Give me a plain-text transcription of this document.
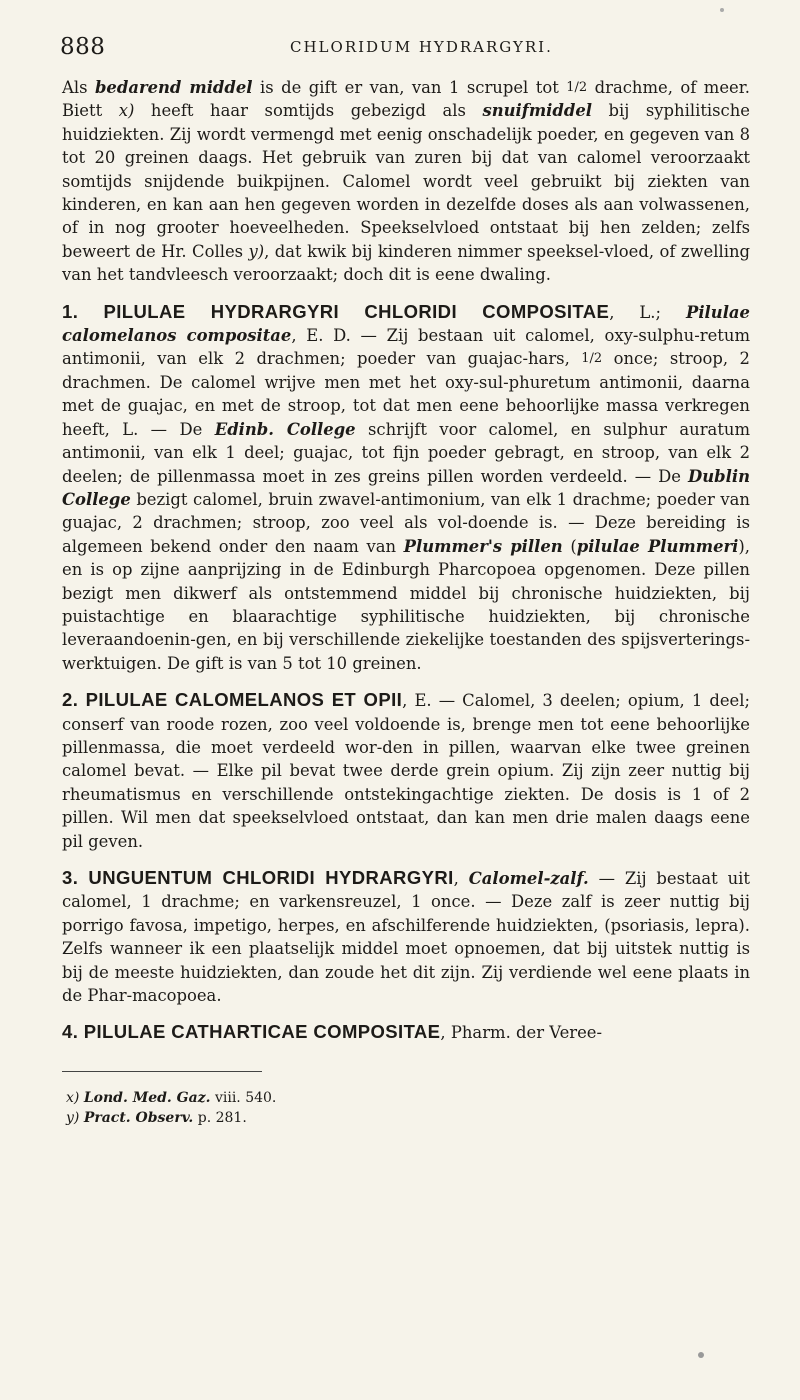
888	CHLORIDUM HYDRARGYRI.

Als bedarend middel is de gift er van, van 1 scrupel tot 1/2 drachme, of meer. Biett x) heeft haar somtijds gebezigd als snuifmiddel bij syphilitische huidziekten. Zij wordt vermengd met eenig onschadelijk poeder, en gegeven van 8 tot 20 greinen daags. Het gebruik van zuren bij dat van calomel veroorzaakt somtijds snijdende buikpijnen. Calomel wordt veel gebruikt bij ziekten van kinderen, en kan aan hen gegeven worden in dezelfde doses als aan volwassenen, of in nog grooter hoeveelheden. Speekselvloed ontstaat bij hen zelden; zelfs beweert de Hr. Colles y), dat kwik bij kinderen nimmer speeksel-vloed, of zwelling van het tandvleesch veroorzaakt; doch dit is eene dwaling.

1. PILULAE HYDRARGYRI CHLORIDI COMPOSITAE, L.; Pilulae calomelanos compositae, E. D. — Zij bestaan uit calomel, oxy-sulphu-retum antimonii, van elk 2 drachmen; poeder van guajac-hars, 1/2 once; stroop, 2 drachmen. De calomel wrijve men met het oxy-sul-phuretum antimonii, daarna met de guajac, en met de stroop, tot dat men eene behoorlijke massa verkregen heeft, L. — De Edinb. College schrijft voor calomel, en sulphur auratum antimonii, van elk 1 deel; guajac, tot fijn poeder gebragt, en stroop, van elk 2 deelen; de pillenmassa moet in zes greins pillen worden verdeeld. — De Dublin College bezigt calomel, bruin zwavel-antimonium, van elk 1 drachme; poeder van guajac, 2 drachmen; stroop, zoo veel als vol-doende is. — Deze bereiding is algemeen bekend onder den naam van Plummer's pillen (pilulae Plummeri), en is op zijne aanprijzing in de Edinburgh Pharcopoea opgenomen. Deze pillen bezigt men dikwerf als ontstemmend middel bij chronische huidziekten, bij puistachtige en blaarachtige syphilitische huidziekten, bij chronische leveraandoenin-gen, en bij verschillende ziekelijke toestanden des spijsverterings-werktuigen. De gift is van 5 tot 10 greinen.

2. PILULAE CALOMELANOS ET OPII, E. — Calomel, 3 deelen; opium, 1 deel; conserf van roode rozen, zoo veel voldoende is, brenge men tot eene behoorlijke pillenmassa, die moet verdeeld wor-den in pillen, waarvan elke twee greinen calomel bevat. — Elke pil bevat twee derde grein opium. Zij zijn zeer nuttig bij rheumatismus en verschillende ontstekingachtige ziekten. De dosis is 1 of 2 pillen. Wil men dat speekselvloed ontstaat, dan kan men drie malen daags eene pil geven.

3. UNGUENTUM CHLORIDI HYDRARGYRI, Calomel-zalf. — Zij bestaat uit calomel, 1 drachme; en varkensreuzel, 1 once. — Deze zalf is zeer nuttig bij porrigo favosa, impetigo, herpes, en afschilferende huidziekten, (psoriasis, lepra). Zelfs wanneer ik een plaatselijk middel moet opnoemen, dat bij uitstek nuttig is bij de meeste huidziekten, dan zoude het dit zijn. Zij verdiende wel eene plaats in de Phar-macopoea.

4. PILULAE CATHARTICAE COMPOSITAE, Pharm. der Veree-

x) Lond. Med. Gaz. viii. 540.
y) Pract. Observ. p. 281.
